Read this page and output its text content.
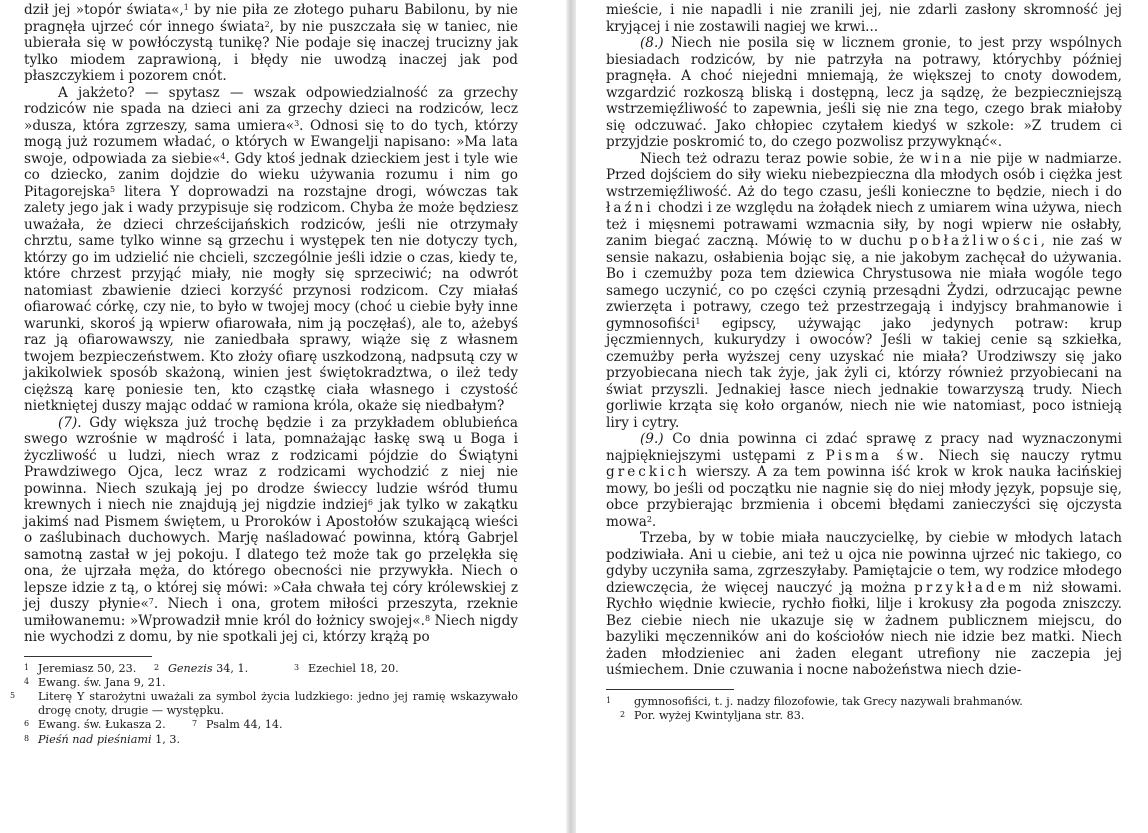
dził jej »topór świata«,$^1$ by nie piła ze złotego puharu Babilonu, by nie pragnęła ujrzeć cór innego świata$^2$, by nie puszczała się w taniec, nie ubierała się w powłóczystą tunikę? Nie podaje się inaczej trucizny jak tylko miodem zaprawioną, i błędy nie uwodzą inaczej jak pod płaszczykiem i pozorem cnót.

A jakżeto? — spytasz — wszak odpowiedzialność za grzechy rodziców nie spada na dzieci ani za grzechy dzieci na rodziców, lecz »dusza, która zgrzeszy, sama umiera«$^3$. Odnosi się to do tych, którzy mogą już rozumem władać, o których w Ewangelji napisano: »Ma lata swoje, odpowiada za siebie«$^4$. Gdy ktoś jednak dzieckiem jest i tyle wie co dziecko, zanim dojdzie do wieku używania rozumu i nim go Pitagorejska$^5$ litera Y doprowadzi na rozstajne drogi, wówczas tak zalety jego jak i wady przypisuje się rodzicom. Chyba że może będziesz uważała, że dzieci chrześcijańskich rodziców, jeśli nie otrzymały chrztu, same tylko winne są grzechu i występek ten nie dotyczy tych, którzy go im udzielić nie chcieli, szczególnie jeśli idzie o czas, kiedy te, które chrzest przyjąć miały, nie mogły się sprzeciwić; na odwrót natomiast zbawienie dzieci korzyść przynosi rodzicom. Czy miałaś ofiarować córkę, czy nie, to było w twojej mocy (choć u ciebie były inne warunki, skoroś ją wpierw ofiarowała, nim ją poczęłaś), ale to, ażebyś raz ją ofiarowawszy, nie zaniedbała sprawy, wiąże się z własnem twojem bezpieczeństwem. Kto złoży ofiarę uszkodzoną, nadpsutą czy w jakikolwiek sposób skażoną, winien jest świętokradztwa, o ileż tedy cięższą karę poniesie ten, kto cząstkę ciała własnego i czystość nietkniętej duszy mając oddać w ramiona króla, okaże się niedbałym?

(7). Gdy większa już trochę będzie i za przykładem oblubieńca swego wzrośnie w mądrość i lata, pomnażając łaskę swą u Boga i życzliwość u ludzi, niech wraz z rodzicami pójdzie do Świątyni Prawdziwego Ojca, lecz wraz z rodzicami wychodzić z niej nie powinna. Niech szukają jej po drodze świeccy ludzie wśród tłumu krewnych i niech nie znajdują jej nigdzie indziej$^6$ jak tylko w zakątku jakimś nad Pismem świętem, u Proroków i Apostołów szukającą wieści o zaślubinach duchowych. Marję naśladować powinna, którą Gabrjel samotną zastał w jej pokoju. I dlatego też może tak go przelękła się ona, że ujrzała męża, do którego obecności nie przywykła. Niech o lepsze idzie z tą, o której się mówi: »Cała chwała tej córy królewskiej z jej duszy płynie«$^7$. Niech i ona, grotem miłości przeszyta, rzeknie umiłowanemu: »Wprowadził mnie król do łożnicy swojej«.$^8$ Niech nigdy nie wychodzi z domu, by nie spotkali jej ci, którzy krążą po

1 Jeremiasz 50, 23.	2 Genezis 34, 1.	3 Ezechiel 18, 20.
4 Ewang. św. Jana 9, 21.
5 Literę Y starożytni uważali za symbol życia ludzkiego: jedno jej ramię wskazywało drogę cnoty, drugie — występku.
6 Ewang. św. Łukasza 2.	7 Psalm 44, 14.
8 Pieśń nad pieśniami 1, 3.

mieście, i nie napadli i nie zranili jej, nie zdarli zasłony skromność jej kryjącej i nie zostawili nagiej we krwi...

(8.) Niech nie posila się w licznem gronie, to jest przy wspólnych biesiadach rodziców, by nie patrzyła na potrawy, którychby później pragnęła. A choć niejedni mniemają, że większej to cnoty dowodem, wzgardzić rozkoszą bliską i dostępną, lecz ja sądzę, że bezpieczniejszą wstrzemięźliwość to zapewnia, jeśli się nie zna tego, czego brak miałoby się odczuwać. Jako chłopiec czytałem kiedyś w szkole: »Z trudem ci przyjdzie poskromić to, do czego pozwolisz przywyknąć«.

Niech też odrazu teraz powie sobie, że wina nie pije w nadmiarze. Przed dojściem do siły wieku niebezpieczna dla młodych osób i ciężka jest wstrzemięźliwość. Aż do tego czasu, jeśli konieczne to będzie, niech i do łaźni chodzi i ze względu na żołądek niech z umiarem wina używa, niech też i mięsnemi potrawami wzmacnia siły, by nogi wpierw nie osłabły, zanim biegać zaczną. Mówię to w duchu pobłażliwości, nie zaś w sensie nakazu, osłabienia bojąc się, a nie jakobym zachęcał do używania. Bo i czemużby poza tem dziewica Chrystusowa nie miała wogóle tego samego uczynić, co po części czynią przesądni Żydzi, odrzucając pewne zwierzęta i potrawy, czego też przestrzegają i indyjscy brahmanowie i gymnosofiści$^1$ egipscy, używając jako jedynych potraw: krup jęczmiennych, kukurydzy i owoców? Jeśli w takiej cenie są szkiełka, czemużby perła wyższej ceny uzyskać nie miała? Urodziwszy się jako przyobiecana niech tak żyje, jak żyli ci, którzy również przyobiecani na świat przyszli. Jednakiej łasce niech jednakie towarzyszą trudy. Niech gorliwie krząta się koło organów, niech nie wie natomiast, poco istnieją liry i cytry.

(9.) Co dnia powinna ci zdać sprawę z pracy nad wyznaczonymi najpiękniejszymi ustępami z Pisma św. Niech się nauczy rytmu greckich wierszy. A za tem powinna iść krok w krok nauka łacińskiej mowy, bo jeśli od początku nie nagnie się do niej młody język, popsuje się, obce przybierając brzmienia i obcemi błędami zanieczyści się ojczysta mowa$^2$.

Trzeba, by w tobie miała nauczycielkę, by ciebie w młodych latach podziwiała. Ani u ciebie, ani też u ojca nie powinna ujrzeć nic takiego, co gdyby uczyniła sama, zgrzeszyłaby. Pamiętajcie o tem, wy rodzice młodego dziewczęcia, że więcej nauczyć ją można przykładem niż słowami. Rychło więdnie kwiecie, rychło fiołki, lilje i krokusy zła pogoda zniszczy. Bez ciebie niech nie ukazuje się w żadnem publicznem miejscu, do bazyliki męczenników ani do kościołów niech nie idzie bez matki. Niech żaden młodzieniec ani żaden elegant utrefiony nie zaczepia jej uśmiechem. Dnie czuwania i nocne nabożeństwa niech dzie-

1 gymnosofiści, t. j. nadzy filozofowie, tak Grecy nazywali brahmanów.
2 Por. wyżej Kwintyljana str. 83.
